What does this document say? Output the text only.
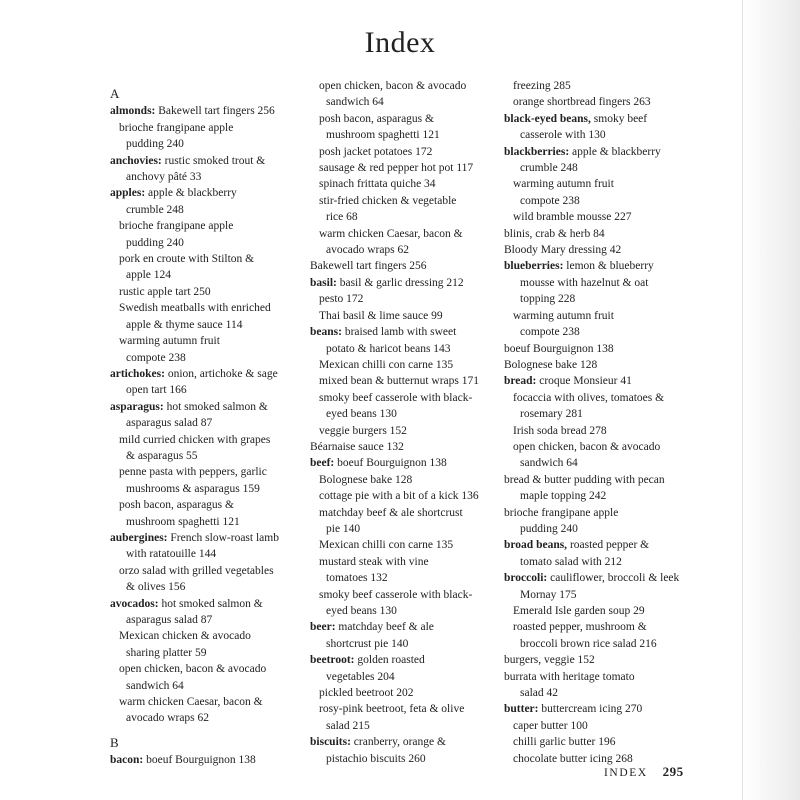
Index
A
almonds: Bakewell tart fingers 256
brioche frangipane apple
pudding 240
anchovies: rustic smoked trout &
anchovy pâté 33
apples: apple & blackberry
crumble 248
brioche frangipane apple
pudding 240
pork en croute with Stilton &
apple 124
rustic apple tart 250
Swedish meatballs with enriched
apple & thyme sauce 114
warming autumn fruit
compote 238
artichokes: onion, artichoke & sage
open tart 166
asparagus: hot smoked salmon &
asparagus salad 87
mild curried chicken with grapes
& asparagus 55
penne pasta with peppers, garlic
mushrooms & asparagus 159
posh bacon, asparagus &
mushroom spaghetti 121
aubergines: French slow-roast lamb
with ratatouille 144
orzo salad with grilled vegetables
& olives 156
avocados: hot smoked salmon &
asparagus salad 87
Mexican chicken & avocado
sharing platter 59
open chicken, bacon & avocado
sandwich 64
warm chicken Caesar, bacon &
avocado wraps 62
B
bacon: boeuf Bourguignon 138
open chicken, bacon & avocado
sandwich 64
posh bacon, asparagus &
mushroom spaghetti 121
posh jacket potatoes 172
sausage & red pepper hot pot 117
spinach frittata quiche 34
stir-fried chicken & vegetable
rice 68
warm chicken Caesar, bacon &
avocado wraps 62
Bakewell tart fingers 256
basil: basil & garlic dressing 212
pesto 172
Thai basil & lime sauce 99
beans: braised lamb with sweet
potato & haricot beans 143
Mexican chilli con carne 135
mixed bean & butternut wraps 171
smoky beef casserole with black-
eyed beans 130
veggie burgers 152
Béarnaise sauce 132
beef: boeuf Bourguignon 138
Bolognese bake 128
cottage pie with a bit of a kick 136
matchday beef & ale shortcrust
pie 140
Mexican chilli con carne 135
mustard steak with vine
tomatoes 132
smoky beef casserole with black-
eyed beans 130
beer: matchday beef & ale
shortcrust pie 140
beetroot: golden roasted
vegetables 204
pickled beetroot 202
rosy-pink beetroot, feta & olive
salad 215
biscuits: cranberry, orange &
pistachio biscuits 260
freezing 285
orange shortbread fingers 263
black-eyed beans, smoky beef
casserole with 130
blackberries: apple & blackberry
crumble 248
warming autumn fruit
compote 238
wild bramble mousse 227
blinis, crab & herb 84
Bloody Mary dressing 42
blueberries: lemon & blueberry
mousse with hazelnut & oat
topping 228
warming autumn fruit
compote 238
boeuf Bourguignon 138
Bolognese bake 128
bread: croque Monsieur 41
focaccia with olives, tomatoes &
rosemary 281
Irish soda bread 278
open chicken, bacon & avocado
sandwich 64
bread & butter pudding with pecan
maple topping 242
brioche frangipane apple
pudding 240
broad beans, roasted pepper &
tomato salad with 212
broccoli: cauliflower, broccoli & leek
Mornay 175
Emerald Isle garden soup 29
roasted pepper, mushroom &
broccoli brown rice salad 216
burgers, veggie 152
burrata with heritage tomato
salad 42
butter: buttercream icing 270
caper butter 100
chilli garlic butter 196
chocolate butter icing 268
INDEX 295
